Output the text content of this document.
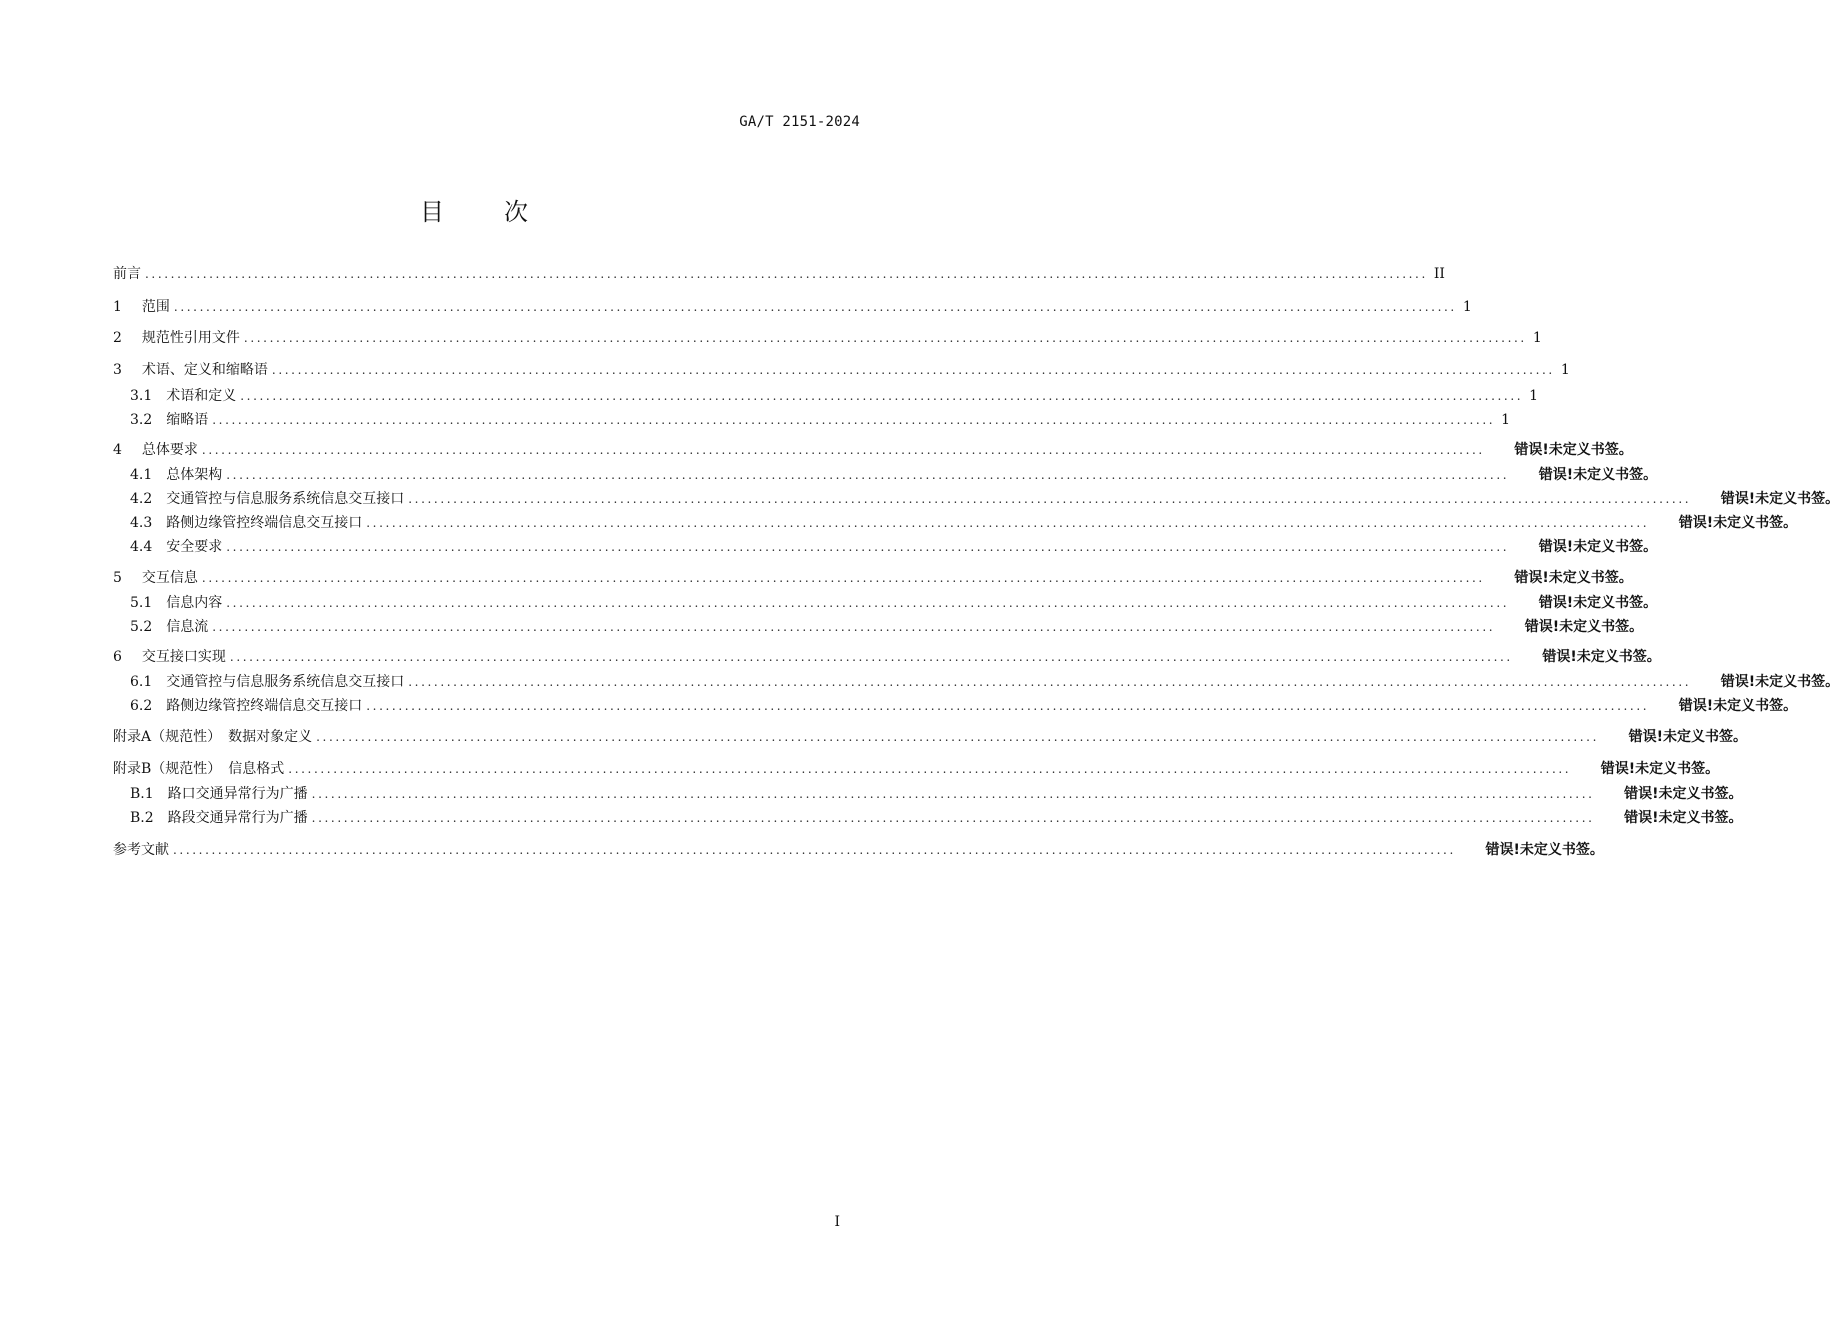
GA/T 2151-2024
目 次
前言 ........................................................................................................................................................................................................ II
1 范围 ........................................................................................................................................................................................................ 1
2 规范性引用文件 ........................................................................................................................................................................................................ 1
3 术语、定义和缩略语 ........................................................................................................................................................................................................ 1
3.1 术语和定义 ........................................................................................................................................................................................................ 1
3.2 缩略语 ........................................................................................................................................................................................................ 1
4 总体要求 ........................................................................................................................................................................................................	错误!未定义书签。
4.1 总体架构 ........................................................................................................................................................................................................	错误!未定义书签。
4.2 交通管控与信息服务系统信息交互接口 ........................................................................................................................................................................................................	错误!未定义书签。
4.3 路侧边缘管控终端信息交互接口 ........................................................................................................................................................................................................	错误!未定义书签。
4.4 安全要求 ........................................................................................................................................................................................................	错误!未定义书签。
5 交互信息 ........................................................................................................................................................................................................	错误!未定义书签。
5.1 信息内容 ........................................................................................................................................................................................................	错误!未定义书签。
5.2 信息流 ........................................................................................................................................................................................................	错误!未定义书签。
6 交互接口实现 ........................................................................................................................................................................................................	错误!未定义书签。
6.1 交通管控与信息服务系统信息交互接口 ........................................................................................................................................................................................................	错误!未定义书签。
6.2 路侧边缘管控终端信息交互接口 ........................................................................................................................................................................................................	错误!未定义书签。
附录A（规范性）　数据对象定义 ........................................................................................................................................................................................................	错误!未定义书签。
附录B（规范性）　信息格式 ........................................................................................................................................................................................................	错误!未定义书签。
B.1 路口交通异常行为广播 ........................................................................................................................................................................................................	错误!未定义书签。
B.2 路段交通异常行为广播 ........................................................................................................................................................................................................	错误!未定义书签。
参考文献 ........................................................................................................................................................................................................	错误!未定义书签。
I
